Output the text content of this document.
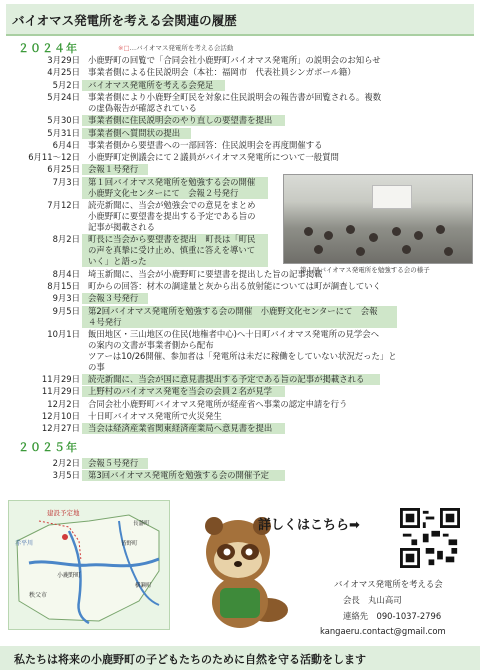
バイオマス発電所を考える会関連の履歴
２０２４年	※□…バイオマス発電所を考える会活動
3月29日 小鹿野町の回覧で「合同会社小鹿野町バイオマス発電所」の説明会のお知らせ
4月25日 事業者側による住民説明会（本社：福岡市　代表社員シンガポール籍）
5月2日 バイオマス発電所を考える会発足
5月24日 事業者側により小鹿野全町民を対象に住民説明会の報告書が回覧される。複数
の虚偽報告が確認されている
5月30日 事業者側に住民説明会のやり直しの要望書を提出
5月31日 事業者側へ質問状の提出
6月4日 事業者側から要望書への一部回答：住民説明会を再度開催する
6月11〜12日 小鹿野町定例議会にて２議員がバイオマス発電所について一般質問
6月25日 会報１号発行
7月3日 第１回バイオマス発電所を勉強する会の開催
小鹿野文化センターにて　会報２号発行
7月12日 読売新聞に、当会が勉強会での意見をまとめ
小鹿野町に要望書を提出する予定である旨の
記事が掲載される
8月2日 町長に当会から要望書を提出　町長は「町民
の声を真摯に受け止め、慎重に答えを導いて
いく」と語った
8月4日 埼玉新聞に、当会が小鹿野町に要望書を提出した旨の記事掲載
8月15日 町からの回答：材木の調達量と灰から出る放射能については町が調査していく
9月3日 会報３号発行
9月5日 第2回バイオマス発電所を勉強する会の開催　小鹿野文化センターにて　会報
４号発行
10月1日 飯田地区・三山地区の住民(地権者中心)へ十日町バイオマス発電所の見学会へ
の案内の文書が事業者側から配布
ツアーは10/26開催、参加者は「発電所は未だに稼働をしていない状況だった」と
の事
11月29日 読売新聞に、当会が国に意見書提出する予定である旨の記事が掲載される
11月29日 上野村のバイオマス発電を当会の会員２名が見学
12月2日 合同会社小鹿野町バイオマス発電所が経産省へ事業の認定申請を行う
12月10日 十日町バイオマス発電所で火災発生
12月27日 当会は経済産業省関東経済産業局へ意見書を提出
２０２５年
2月2日 会報５号発行
3月5日 第3回バイオマス発電所を勉強する会の開催予定
第１回バイオマス発電所を勉強する会の様子
建設予定地
赤平川
小鹿野町
秩父市
長瀞町
皆野町
横瀬町
詳しくはこちら➡
バイオマス発電所を考える会
会長　丸山高司
連絡先　090-1037-2796
kangaeru.contact@gmail.com
私たちは将来の小鹿野町の子どもたちのために自然を守る活動をします
